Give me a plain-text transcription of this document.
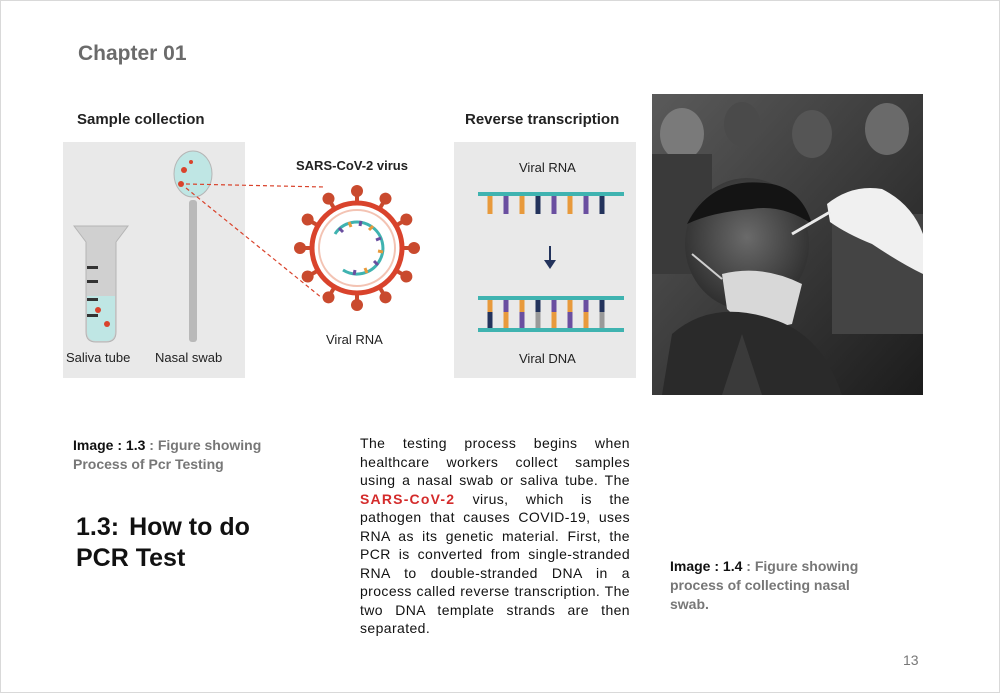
Chapter 01
Sample collection	Reverse transcription
SARS-CoV-2 virus
Viral RNA
Viral RNA
Viral DNA
Saliva tube Nasal swab
Image : 1.3 : Figure showing Process of Pcr Testing
1.3: How to do
PCR Test
The testing process begins when healthcare workers collect samples using a nasal swab or saliva tube. The SARS-CoV-2 virus, which is the pathogen that causes COVID-19, uses RNA as its genetic material. First, the PCR is converted from single-stranded RNA to double-stranded DNA in a process called reverse transcription. The two DNA template strands are then separated.
Image : 1.4 : Figure showing process of collecting nasal swab.
13
